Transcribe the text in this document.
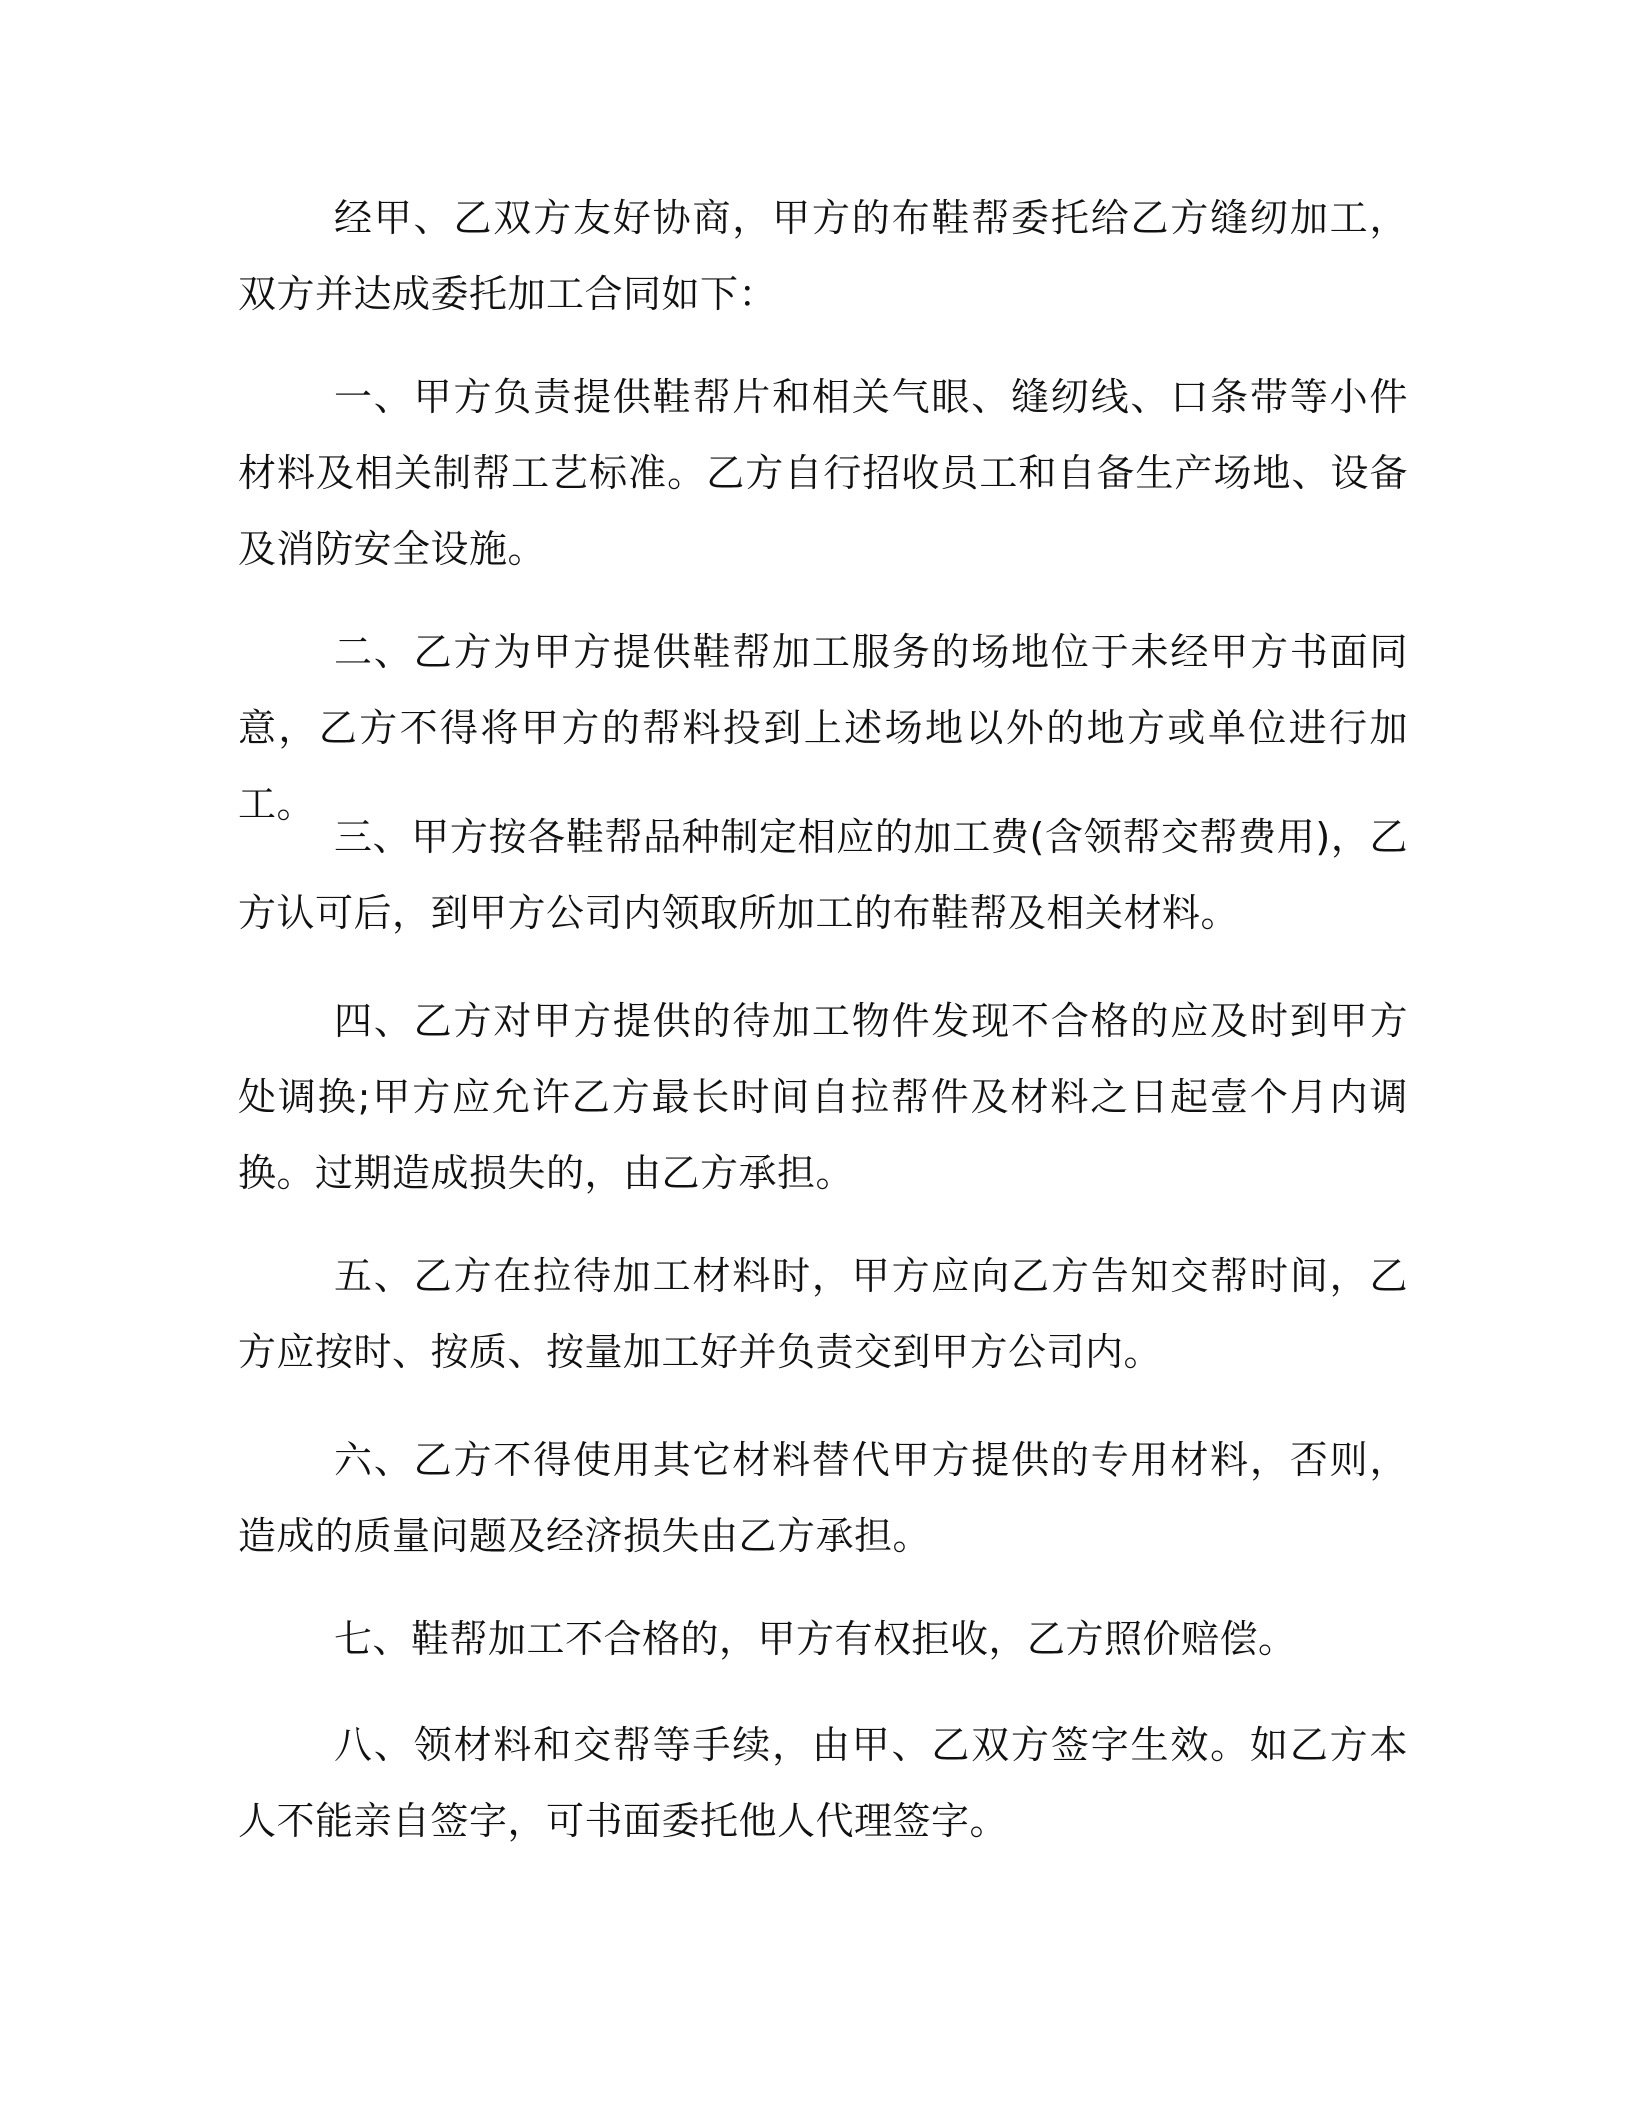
经甲、乙双方友好协商，甲方的布鞋帮委托给乙方缝纫加工，双方并达成委托加工合同如下：

一、甲方负责提供鞋帮片和相关气眼、缝纫线、口条带等小件材料及相关制帮工艺标准。乙方自行招收员工和自备生产场地、设备及消防安全设施。

二、乙方为甲方提供鞋帮加工服务的场地位于未经甲方书面同意，乙方不得将甲方的帮料投到上述场地以外的地方或单位进行加工。

三、甲方按各鞋帮品种制定相应的加工费(含领帮交帮费用)，乙方认可后，到甲方公司内领取所加工的布鞋帮及相关材料。

四、乙方对甲方提供的待加工物件发现不合格的应及时到甲方处调换;甲方应允许乙方最长时间自拉帮件及材料之日起壹个月内调换。过期造成损失的，由乙方承担。

五、乙方在拉待加工材料时，甲方应向乙方告知交帮时间，乙方应按时、按质、按量加工好并负责交到甲方公司内。

六、乙方不得使用其它材料替代甲方提供的专用材料，否则，造成的质量问题及经济损失由乙方承担。

七、鞋帮加工不合格的，甲方有权拒收，乙方照价赔偿。

八、领材料和交帮等手续，由甲、乙双方签字生效。如乙方本人不能亲自签字，可书面委托他人代理签字。
